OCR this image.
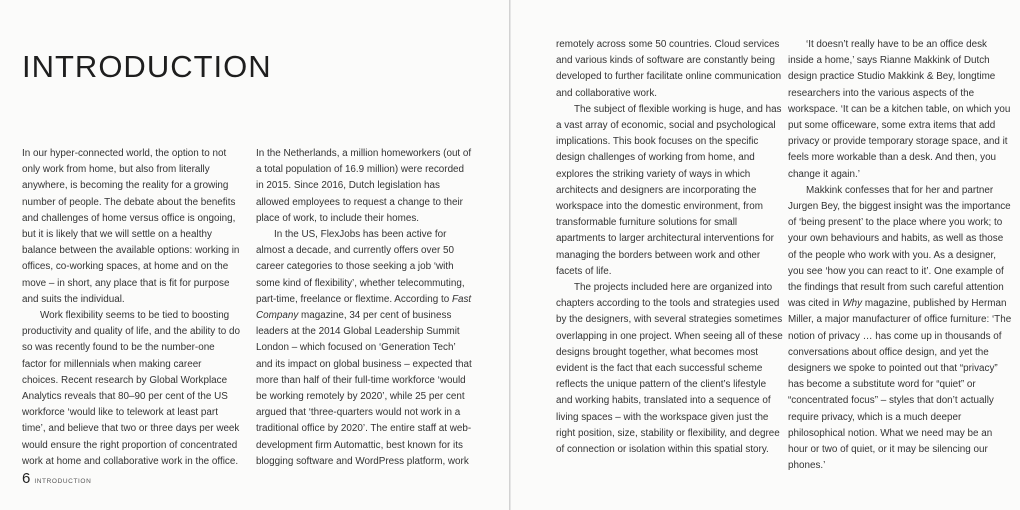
INTRODUCTION

In our hyper-connected world, the option to not only work from home, but also from literally anywhere, is becoming the reality for a growing number of people. The debate about the benefits and challenges of home versus office is ongoing, but it is likely that we will settle on a healthy balance between the available options: working in offices, co-working spaces, at home and on the move – in short, any place that is fit for purpose and suits the individual.

Work flexibility seems to be tied to boosting productivity and quality of life, and the ability to do so was recently found to be the number-one factor for millennials when making career choices. Recent research by Global Workplace Analytics reveals that 80–90 per cent of the US workforce ‘would like to telework at least part time’, and believe that two or three days per week would ensure the right proportion of concentrated work at home and collaborative work in the office.

In the Netherlands, a million homeworkers (out of a total population of 16.9 million) were recorded in 2015. Since 2016, Dutch legislation has allowed employees to request a change to their place of work, to include their homes.

In the US, FlexJobs has been active for almost a decade, and currently offers over 50 career categories to those seeking a job ‘with some kind of flexibility’, whether telecommuting, part-time, freelance or flextime. According to Fast Company magazine, 34 per cent of business leaders at the 2014 Global Leadership Summit London – which focused on ‘Generation Tech’ and its impact on global business – expected that more than half of their full-time workforce ‘would be working remotely by 2020’, while 25 per cent argued that ‘three-quarters would not work in a traditional office by 2020’. The entire staff at web-development firm Automattic, best known for its blogging software and WordPress platform, work

6 INTRODUCTION

remotely across some 50 countries. Cloud services and various kinds of software are constantly being developed to further facilitate online communication and collaborative work.

The subject of flexible working is huge, and has a vast array of economic, social and psychological implications. This book focuses on the specific design challenges of working from home, and explores the striking variety of ways in which architects and designers are incorporating the workspace into the domestic environment, from transformable furniture solutions for small apartments to larger architectural interventions for managing the borders between work and other facets of life.

The projects included here are organized into chapters according to the tools and strategies used by the designers, with several strategies sometimes overlapping in one project. When seeing all of these designs brought together, what becomes most evident is the fact that each successful scheme reflects the unique pattern of the client’s lifestyle and working habits, translated into a sequence of living spaces – with the workspace given just the right position, size, stability or flexibility, and degree of connection or isolation within this spatial story.

‘It doesn’t really have to be an office desk inside a home,’ says Rianne Makkink of Dutch design practice Studio Makkink & Bey, longtime researchers into the various aspects of the workspace. ‘It can be a kitchen table, on which you put some officeware, some extra items that add privacy or provide temporary storage space, and it feels more workable than a desk. And then, you change it again.’

Makkink confesses that for her and partner Jurgen Bey, the biggest insight was the importance of ‘being present’ to the place where you work; to your own behaviours and habits, as well as those of the people who work with you. As a designer, you see ‘how you can react to it’. One example of the findings that result from such careful attention was cited in Why magazine, published by Herman Miller, a major manufacturer of office furniture: ‘The notion of privacy … has come up in thousands of conversations about office design, and yet the designers we spoke to pointed out that “privacy” has become a substitute word for “quiet” or “concentrated focus” – styles that don’t actually require privacy, which is a much deeper philosophical notion. What we need may be an hour or two of quiet, or it may be silencing our phones.’
